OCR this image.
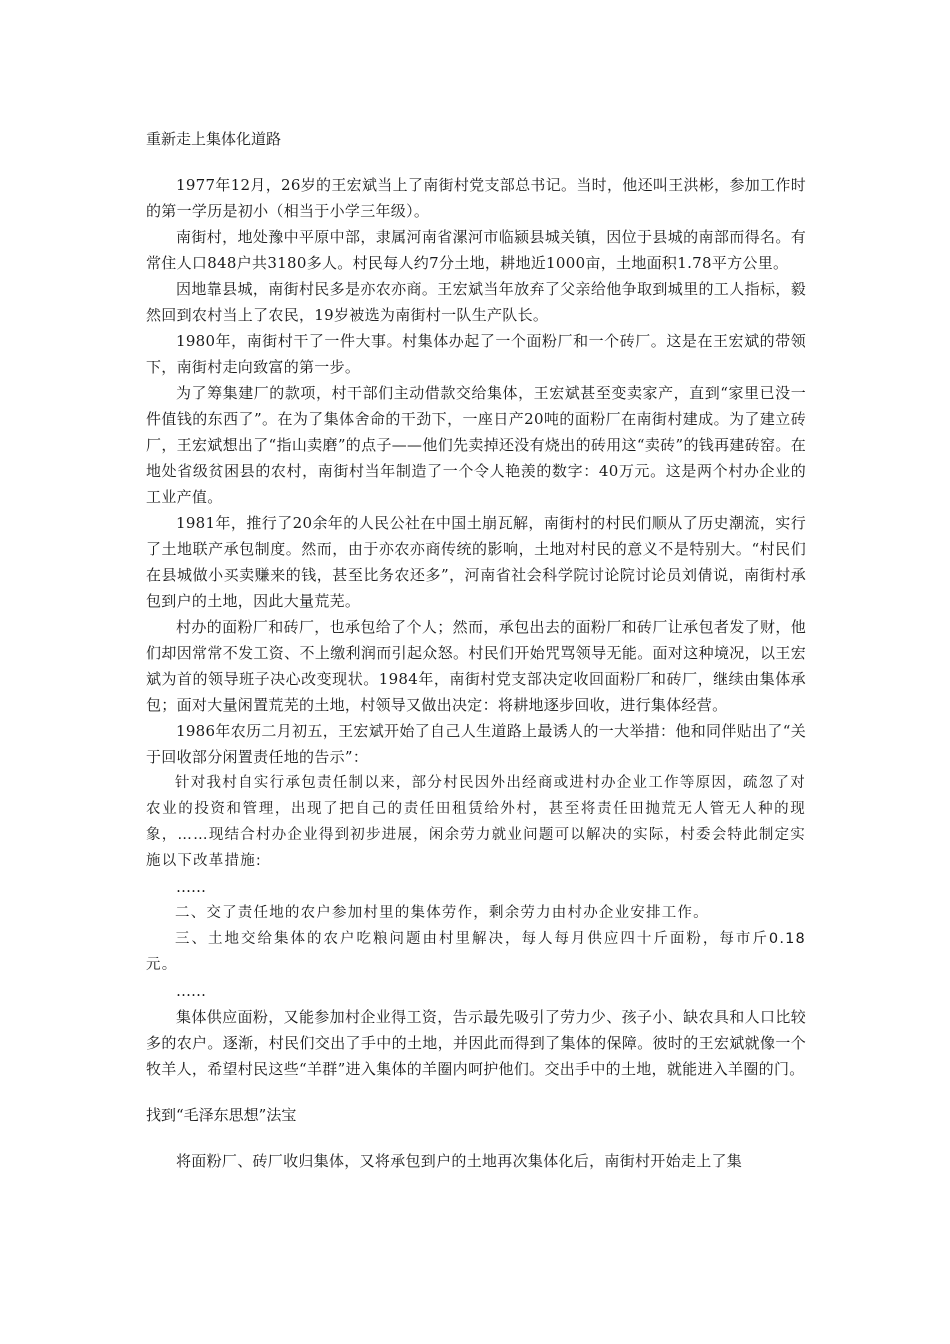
重新走上集体化道路

1977年12月，26岁的王宏斌当上了南街村党支部总书记。当时，他还叫王洪彬，参加工作时的第一学历是初小（相当于小学三年级）。

南街村，地处豫中平原中部，隶属河南省漯河市临颍县城关镇，因位于县城的南部而得名。有常住人口848户共3180多人。村民每人约7分土地，耕地近1000亩，土地面积1.78平方公里。

因地靠县城，南街村民多是亦农亦商。王宏斌当年放弃了父亲给他争取到城里的工人指标，毅然回到农村当上了农民，19岁被选为南街村一队生产队长。

1980年，南街村干了一件大事。村集体办起了一个面粉厂和一个砖厂。这是在王宏斌的带领下，南街村走向致富的第一步。

为了筹集建厂的款项，村干部们主动借款交给集体，王宏斌甚至变卖家产，直到“家里已没一件值钱的东西了”。在为了集体舍命的干劲下，一座日产20吨的面粉厂在南街村建成。为了建立砖厂，王宏斌想出了“指山卖磨”的点子——他们先卖掉还没有烧出的砖用这“卖砖”的钱再建砖窑。在地处省级贫困县的农村，南街村当年制造了一个令人艳羡的数字：40万元。这是两个村办企业的工业产值。

1981年，推行了20余年的人民公社在中国土崩瓦解，南街村的村民们顺从了历史潮流，实行了土地联产承包制度。然而，由于亦农亦商传统的影响，土地对村民的意义不是特别大。“村民们在县城做小买卖赚来的钱，甚至比务农还多”，河南省社会科学院讨论院讨论员刘倩说，南街村承包到户的土地，因此大量荒芜。

村办的面粉厂和砖厂，也承包给了个人；然而，承包出去的面粉厂和砖厂让承包者发了财，他们却因常常不发工资、不上缴利润而引起众怒。村民们开始咒骂领导无能。面对这种境况，以王宏斌为首的领导班子决心改变现状。1984年，南街村党支部决定收回面粉厂和砖厂，继续由集体承包；面对大量闲置荒芜的土地，村领导又做出决定：将耕地逐步回收，进行集体经营。

1986年农历二月初五，王宏斌开始了自己人生道路上最诱人的一大举措：他和同伴贴出了“关于回收部分闲置责任地的告示”：

针对我村自实行承包责任制以来，部分村民因外出经商或进村办企业工作等原因，疏忽了对农业的投资和管理，出现了把自己的责任田租赁给外村，甚至将责任田抛荒无人管无人种的现象，……现结合村办企业得到初步进展，闲余劳力就业问题可以解决的实际，村委会特此制定实施以下改革措施:

……

二、交了责任地的农户参加村里的集体劳作，剩余劳力由村办企业安排工作。

三、土地交给集体的农户吃粮问题由村里解决，每人每月供应四十斤面粉，每市斤0.18元。

……

集体供应面粉，又能参加村企业得工资，告示最先吸引了劳力少、孩子小、缺农具和人口比较多的农户。逐渐，村民们交出了手中的土地，并因此而得到了集体的保障。彼时的王宏斌就像一个牧羊人，希望村民这些“羊群”进入集体的羊圈内呵护他们。交出手中的土地，就能进入羊圈的门。

找到“毛泽东思想”法宝

将面粉厂、砖厂收归集体，又将承包到户的土地再次集体化后，南街村开始走上了集
